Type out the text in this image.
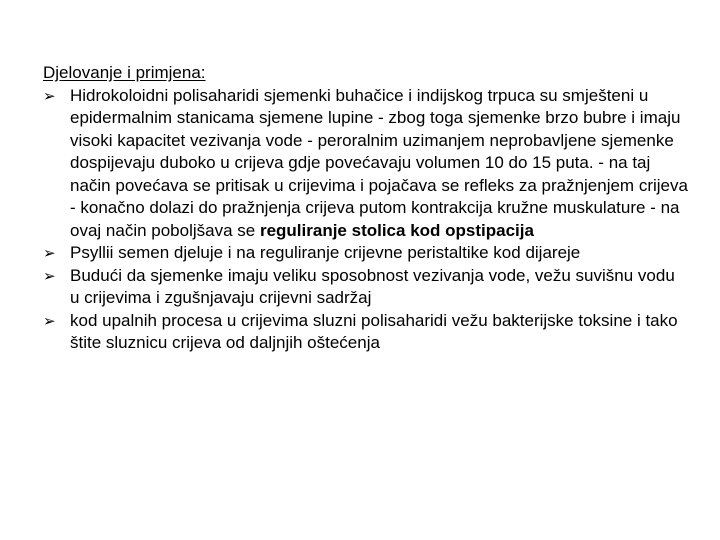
Djelovanje i primjena:
➢ Hidrokoloidni polisaharidi sjemenki buhačice i indijskog trpuca su smješteni u epidermalnim stanicama sjemene lupine - zbog toga sjemenke brzo bubre i imaju visoki kapacitet vezivanja vode - peroralnim uzimanjem neprobavljene sjemenke dospijevaju duboko u crijeva gdje povećavaju volumen 10 do 15 puta. - na taj način povećava se pritisak u crijevima i pojačava se refleks za pražnjenjem crijeva - konačno dolazi do pražnjenja crijeva putom kontrakcija kružne muskulature - na ovaj način poboljšava se reguliranje stolica kod opstipacija
➢ Psyllii semen djeluje i na reguliranje crijevne peristaltike kod dijareje
➢ Budući da sjemenke imaju veliku sposobnost vezivanja vode, vežu suvišnu vodu u crijevima i zgušnjavaju crijevni sadržaj
➢ kod upalnih procesa u crijevima sluzni polisaharidi vežu bakterijske toksine i tako štite sluznicu crijeva od daljnjih oštećenja
